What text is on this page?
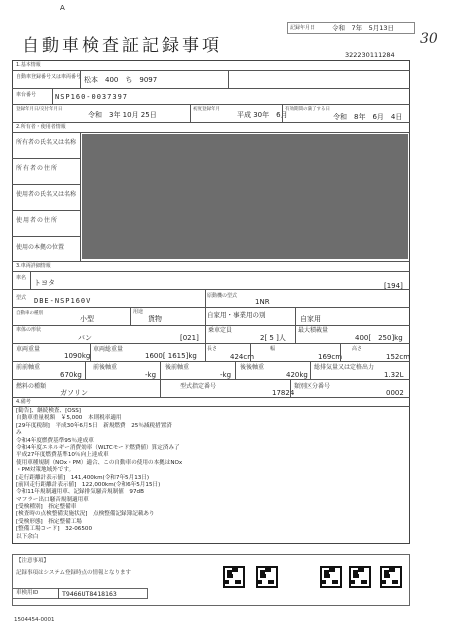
A
記録年月日	令和　7年　5月13日
30
自動車検査証記録事項	322230111284
1.基本情報
自動車登録番号又は車両番号 松本　400　ち　9097
車台番号	NSP160-0037397
登録年月日/交付年月日
令和　3年 10月 25日
初度登録年月
平成 30年　6月
有効期間の満了する日
令和　8年　6月　4日
2.所有者・使用者情報
所有者の氏名又は名称
所有者の住所
使用者の氏名又は名称
使用者の住所
使用の本拠の位置
3.車両詳細情報
車名
トヨタ	[194]
型式 DBE-NSP160V
原動機の型式
1NR
自動車の種別
小型
用途
貨物	自家用・事業用の別	自家用
車体の形状
バン	[021]
乗車定員
2[ 5 ]人
最大積載量
400[　250]kg
車両重量
1090kg
車両総重量
1600[ 1615]kg
長さ
424cm
幅
169cm
高さ
152cm
前前軸重
670kg
前後軸重
-kg
後前軸重
-kg
後後軸重
420kg
総排気量又は定格出力
1.32L
燃料の種類
ガソリン
型式指定番号
17824
類別区分番号
0002
4.備考
[勧告]、継続検査、[OSS]
自動車重量税額　￥5,000　本則税率適用
[29年度税制]　平成30年6月5日　新規燃費　25％減税措置済
み
令和4年度燃費基準95％達成車
令和4年度エネルギー消費効率（WLTCモード燃費値）算定済み了
平成27年度燃費基準10％向上達成車
使用車種規制（NOx・PM）適合、この自動車の使用の本拠はNOx
・PM対策地域外です。
[走行距離計表示値]　141,400km(令和7年5月13日)
[前回走行距離計表示値]　122,000km(令和6年5月15日)
令和11年規制適用車、記録排気騒音規制値　97dB
マフラー出口騒音規制適用車
[受検種別]　指定整備車
[検査時の点検整備実施状況]　点検整備記録簿記載あり
[受検形態]　指定整備工場
[整備工場コード]　32-06500
以下余白
【注意事項】
記録事項はシステム登録時点の情報となります
車検用ID	T9466UT8418163
1504454-0001
